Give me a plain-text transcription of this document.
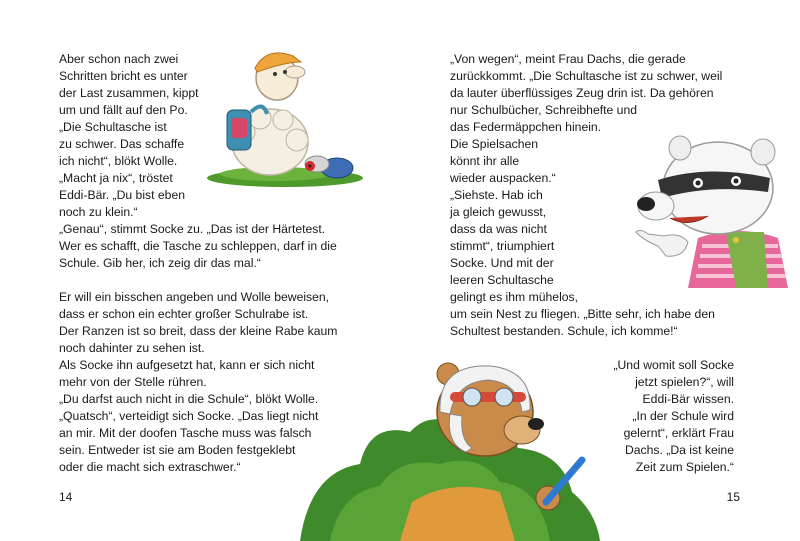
Aber schon nach zwei

Schritten bricht es unter

der Last zusammen, kippt

um und fällt auf den Po.

„Die Schultasche ist

zu schwer. Das schaffe

ich nicht“, blökt Wolle.

„Macht ja nix“, tröstet

Eddi-Bär. „Du bist eben

noch zu klein.“

„Genau“, stimmt Socke zu. „Das ist der Härtetest.

Wer es schafft, die Tasche zu schleppen, darf in die

Schule. Gib her, ich zeig dir das mal.“

Er will ein bisschen angeben und Wolle beweisen,

dass er schon ein echter großer Schulrabe ist.

Der Ranzen ist so breit, dass der kleine Rabe kaum

noch dahinter zu sehen ist.

Als Socke ihn aufgesetzt hat, kann er sich nicht

mehr von der Stelle rühren.

„Du darfst auch nicht in die Schule“, blökt Wolle.

„Quatsch“, verteidigt sich Socke. „Das liegt nicht

an mir. Mit der doofen Tasche muss was falsch

sein. Entweder ist sie am Boden festgeklebt

oder die macht sich extraschwer.“

14

„Von wegen“, meint Frau Dachs, die gerade

zurückkommt. „Die Schultasche ist zu schwer, weil

da lauter überflüssiges Zeug drin ist. Da gehören

nur Schulbücher, Schreibhefte und

das Federmäppchen hinein.

Die Spielsachen

könnt ihr alle

wieder auspacken.“

„Siehste. Hab ich

ja gleich gewusst,

dass da was nicht

stimmt“, triumphiert

Socke. Und mit der

leeren Schultasche

gelingt es ihm mühelos,

um sein Nest zu fliegen. „Bitte sehr, ich habe den

Schultest bestanden. Schule, ich komme!“

„Und womit soll Socke

jetzt spielen?“, will

Eddi-Bär wissen.

„In der Schule wird

gelernt“, erklärt Frau

Dachs. „Da ist keine

Zeit zum Spielen.“

15
